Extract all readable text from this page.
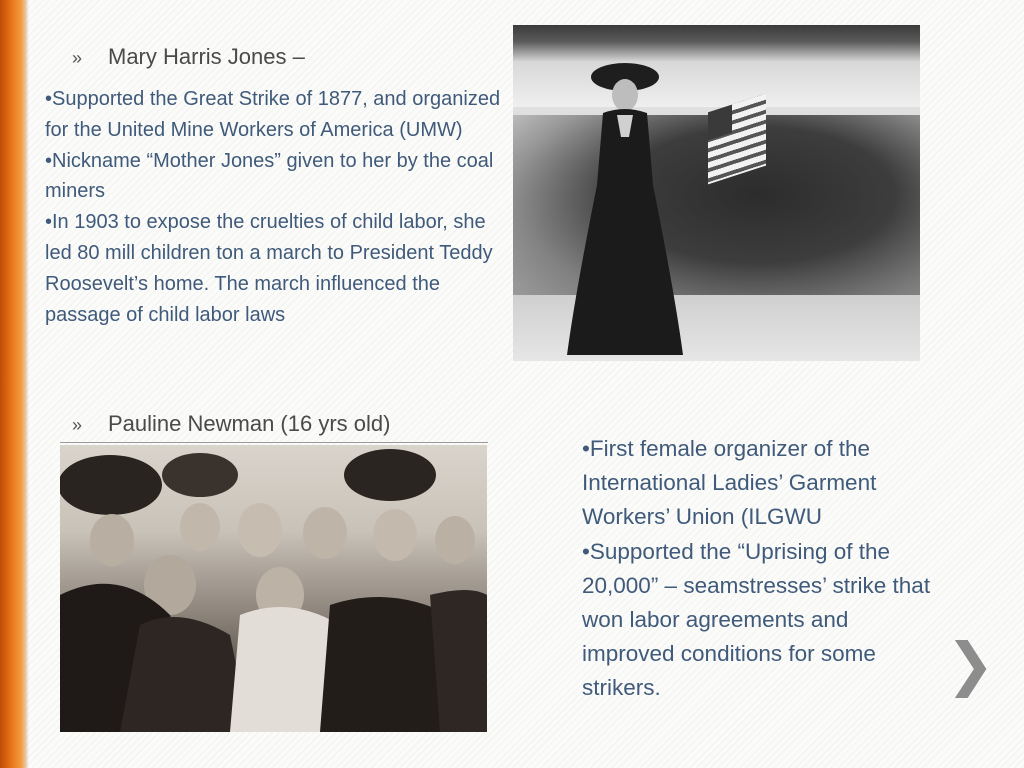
» Mary Harris Jones –
•Supported the Great Strike of 1877, and organized for the United Mine Workers of America (UMW)
•Nickname “Mother Jones” given to her by the coal miners
•In 1903 to expose the cruelties of child labor, she led 80 mill children ton a march to President Teddy Roosevelt’s home. The march influenced the passage of child labor laws
» Pauline Newman (16 yrs old)
•First female organizer of the International Ladies’ Garment Workers’ Union (ILGWU
•Supported the “Uprising of the 20,000” – seamstresses’ strike that won labor agreements and improved conditions for some strikers.	❯
